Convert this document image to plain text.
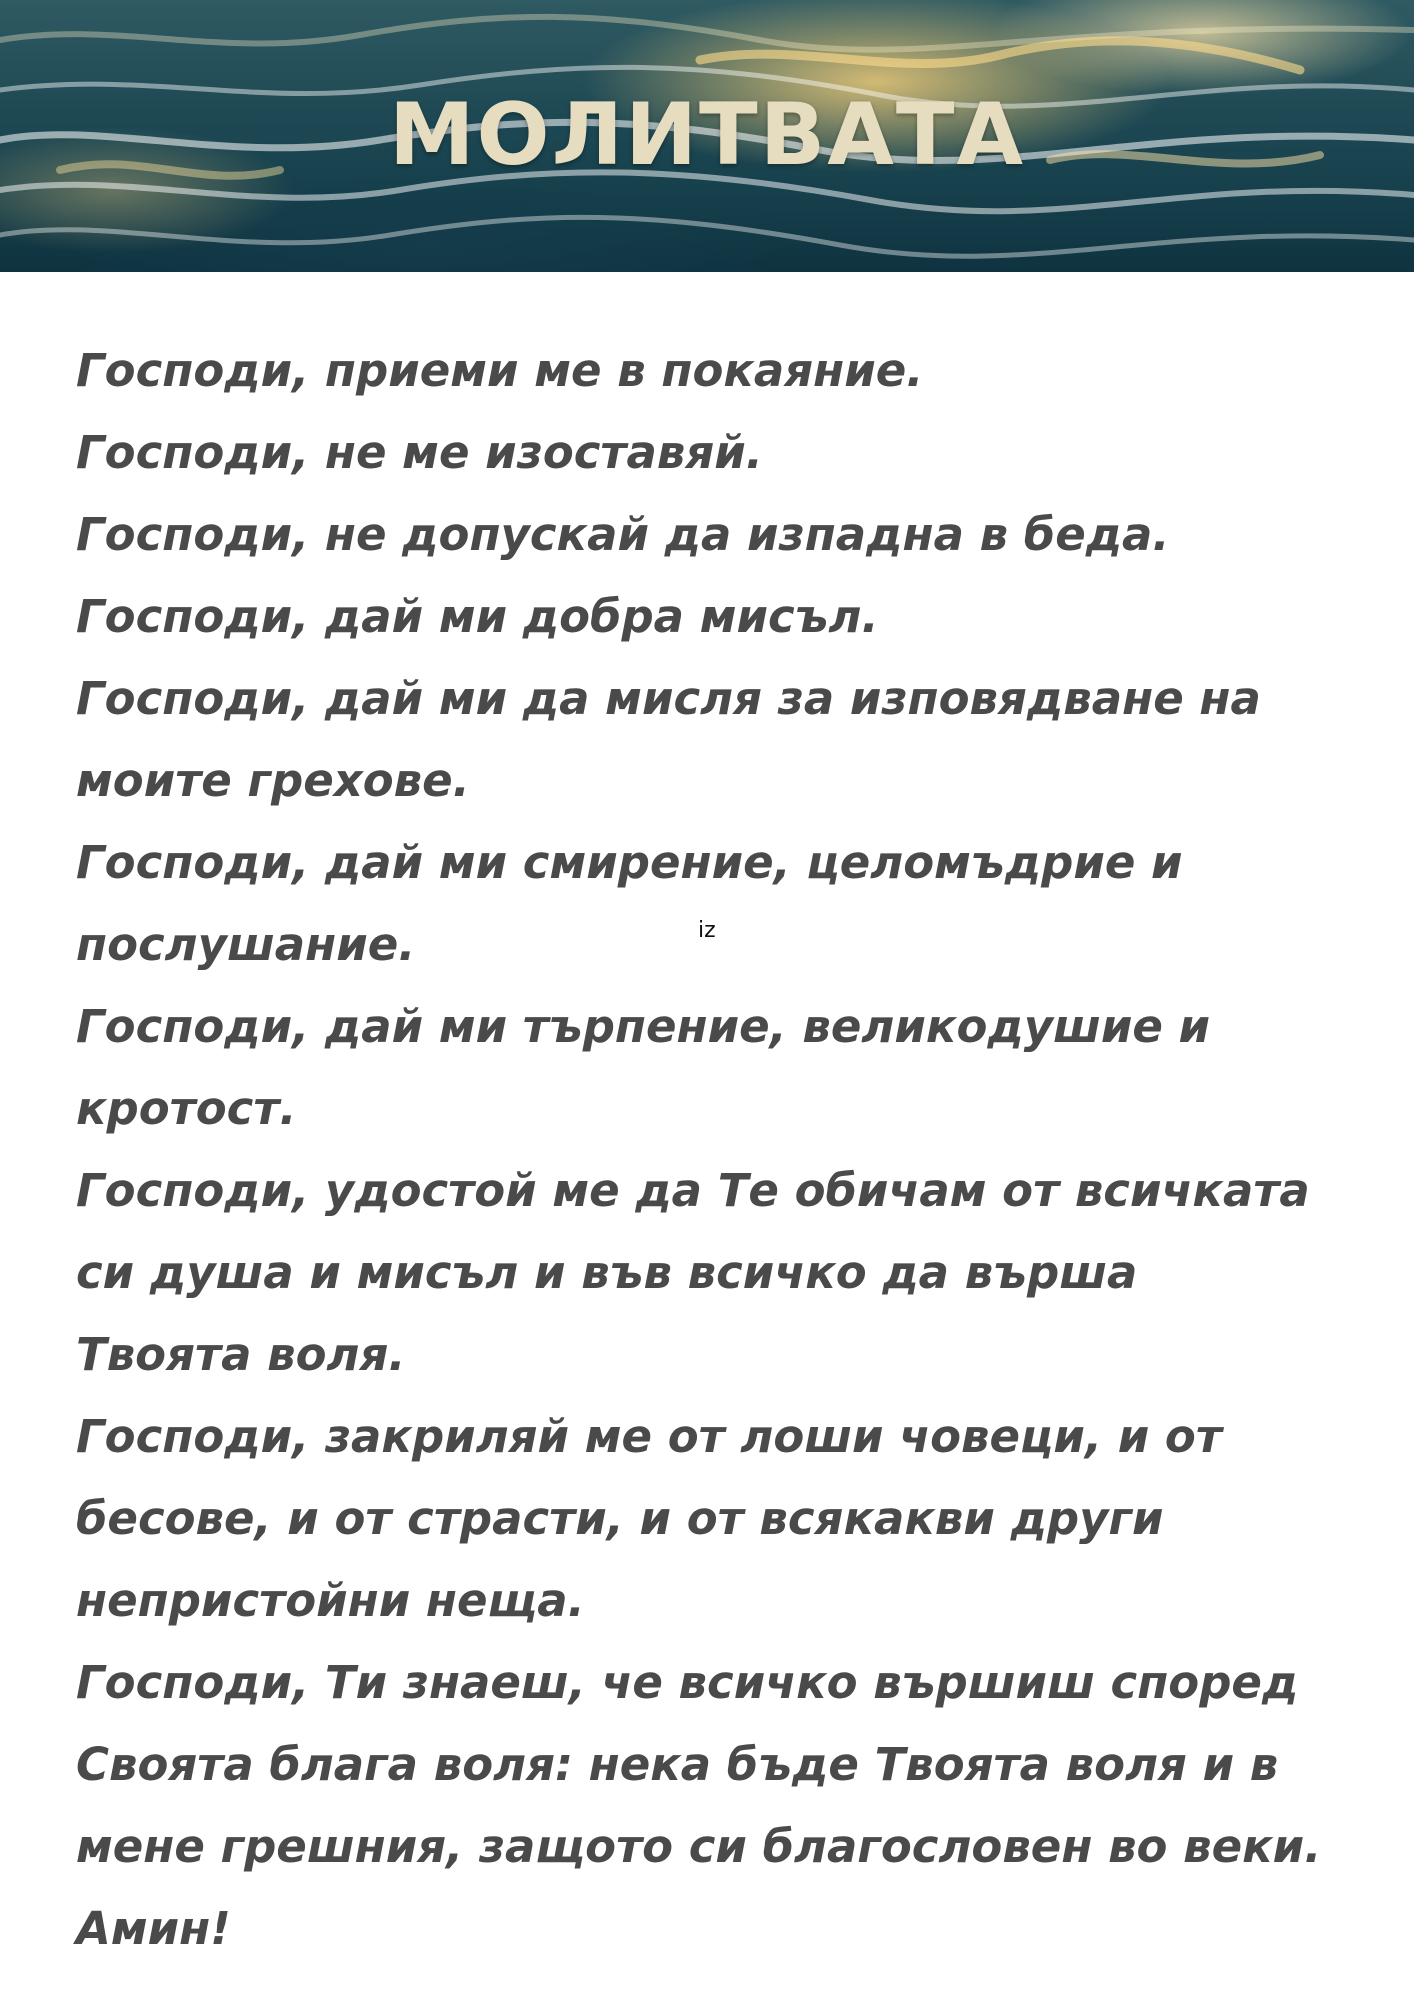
МОЛИТВАТА
Господи, приеми ме в покаяние.
Господи, не ме изоставяй.
Господи, не допускай да изпадна в беда.
Господи, дай ми добра мисъл.
Господи, дай ми да мисля за изповядване на
моите грехове.
Господи, дай ми смирение, целомъдрие и
послушание.
Господи, дай ми търпение, великодушие и
кротост.
Господи, удостой ме да Те обичам от всичката
си душа и мисъл и във всичко да върша
Твоята воля.
Господи, закриляй ме от лоши човеци, и от
бесове, и от страсти, и от всякакви други
непристойни неща.
Господи, Ти знаеш, че всичко вършиш според
Своята блага воля: нека бъде Твоята воля и в
мене грешния, защото си благословен во веки.
Амин!
iz
